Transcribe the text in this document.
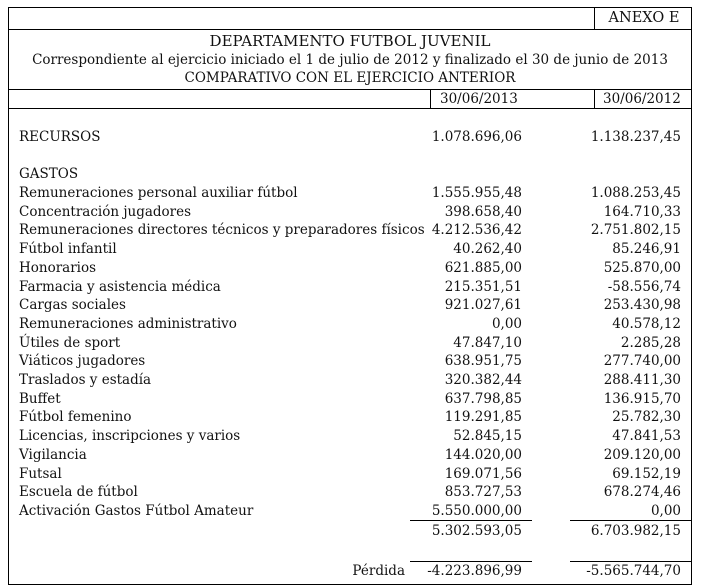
ANEXO E
DEPARTAMENTO FUTBOL JUVENIL
Correspondiente al ejercicio iniciado el 1 de julio de 2012 y finalizado el 30 de junio de 2013
COMPARATIVO CON EL EJERCICIO ANTERIOR
30/06/2013	30/06/2012
RECURSOS	1.078.696,06	1.138.237,45
GASTOS
Remuneraciones personal auxiliar fútbol	1.555.955,48	1.088.253,45
Concentración jugadores	398.658,40	164.710,33
Remuneraciones directores técnicos y preparadores físicos 4.212.536,42	2.751.802,15
Fútbol infantil	40.262,40	85.246,91
Honorarios	621.885,00	525.870,00
Farmacia y asistencia médica	215.351,51	-58.556,74
Cargas sociales	921.027,61	253.430,98
Remuneraciones administrativo	0,00	40.578,12
Útiles de sport	47.847,10	2.285,28
Viáticos jugadores	638.951,75	277.740,00
Traslados y estadía	320.382,44	288.411,30
Buffet	637.798,85	136.915,70
Fútbol femenino	119.291,85	25.782,30
Licencias, inscripciones y varios	52.845,15	47.841,53
Vigilancia	144.020,00	209.120,00
Futsal	169.071,56	69.152,19
Escuela de fútbol	853.727,53	678.274,46
Activación Gastos Fútbol Amateur	5.550.000,00	0,00
5.302.593,05	6.703.982,15
Pérdida	-4.223.896,99	-5.565.744,70
